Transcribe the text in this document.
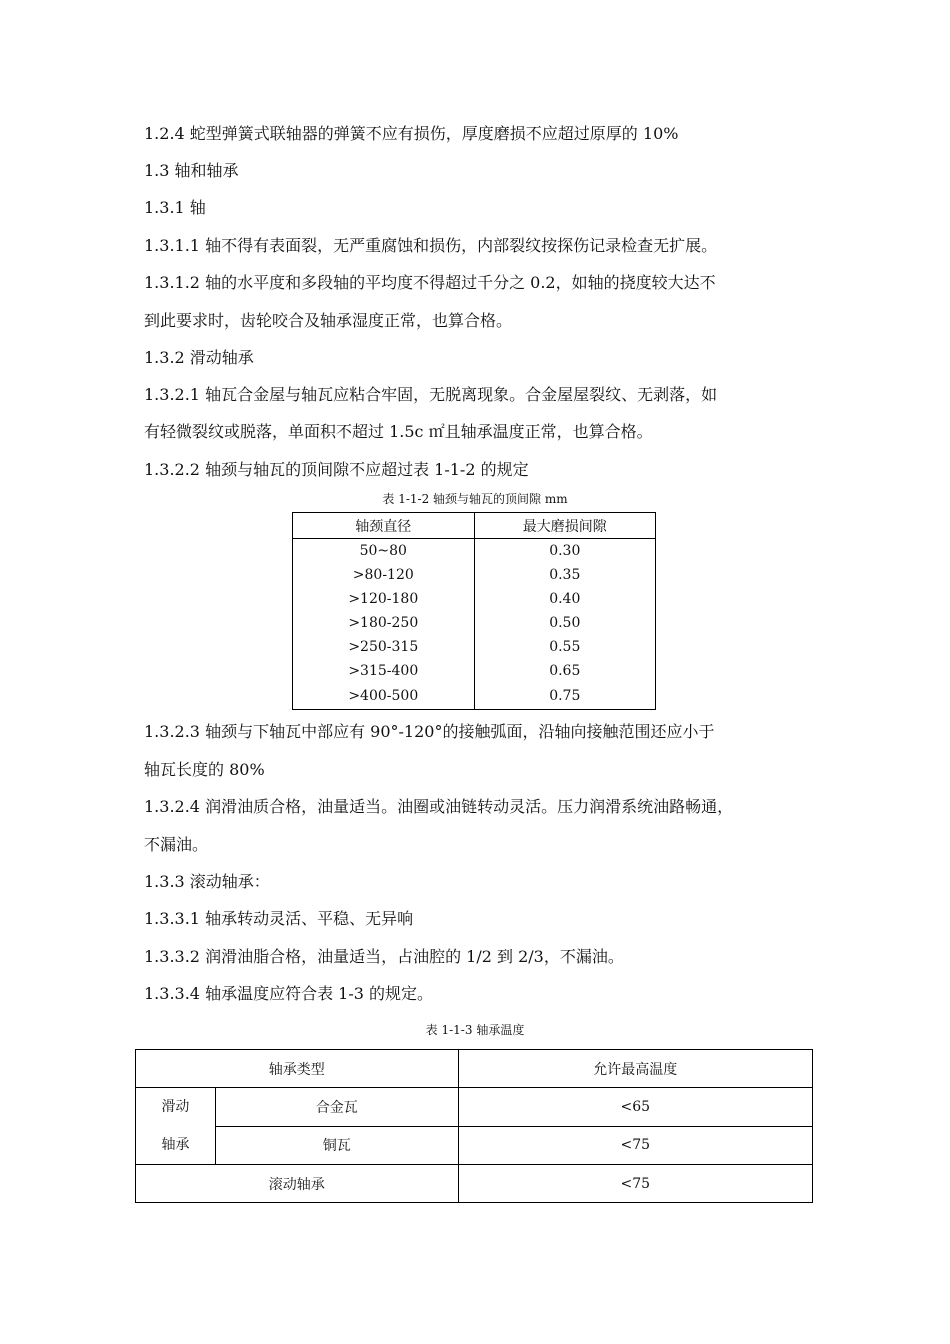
1.2.4 蛇型弹簧式联轴器的弹簧不应有损伤，厚度磨损不应超过原厚的 10%

1.3 轴和轴承

1.3.1 轴

1.3.1.1 轴不得有表面裂，无严重腐蚀和损伤，内部裂纹按探伤记录检查无扩展。

1.3.1.2 轴的水平度和多段轴的平均度不得超过千分之 0.2，如轴的挠度较大达不

到此要求时，齿轮咬合及轴承湿度正常，也算合格。

1.3.2 滑动轴承

1.3.2.1 轴瓦合金屋与轴瓦应粘合牢固，无脱离现象。合金屋屋裂纹、无剥落，如

有轻微裂纹或脱落，单面积不超过 1.5c ㎡且轴承温度正常，也算合格。

1.3.2.2 轴颈与轴瓦的顶间隙不应超过表 1-1-2 的规定

表 1-1-2 轴颈与轴瓦的顶间隙 mm

轴颈直径	最大磨损间隙
50~80	0.30
>80-120	0.35
>120-180	0.40
>180-250	0.50
>250-315	0.55
>315-400	0.65
>400-500	0.75

1.3.2.3 轴颈与下轴瓦中部应有 90°-120°的接触弧面，沿轴向接触范围还应小于

轴瓦长度的 80%

1.3.2.4 润滑油质合格，油量适当。油圈或油链转动灵活。压力润滑系统油路畅通，

不漏油。

1.3.3 滚动轴承：

1.3.3.1 轴承转动灵活、平稳、无异响

1.3.3.2 润滑油脂合格，油量适当，占油腔的 1/2 到 2/3，不漏油。

1.3.3.4 轴承温度应符合表 1-3 的规定。

表 1-1-3 轴承温度

轴承类型		允许最高温度

滑动
轴承	合金瓦	<65
	铜瓦	<75
滚动轴承		<75
